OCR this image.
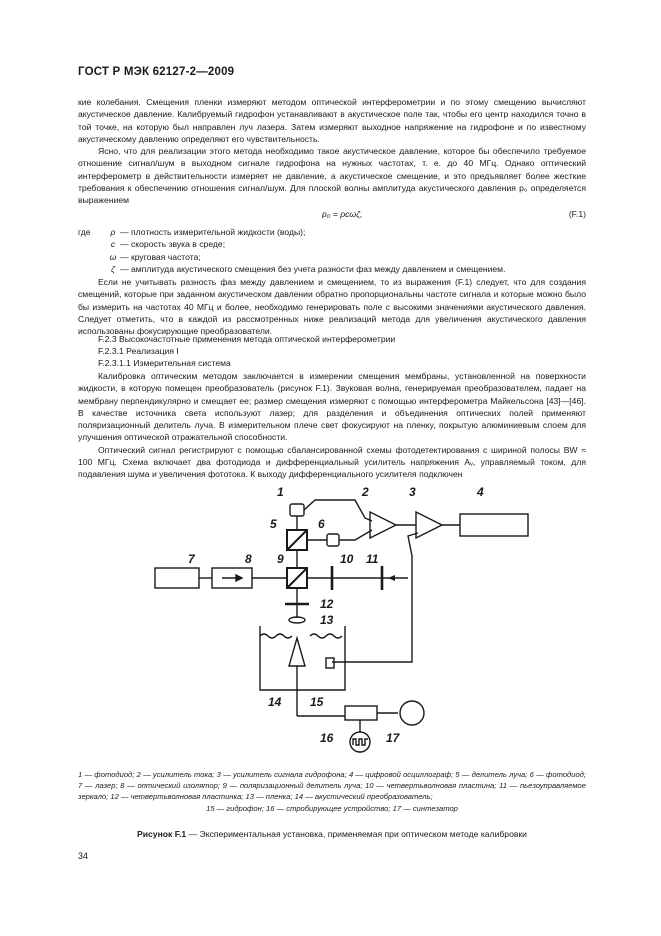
ГОСТ Р МЭК 62127-2—2009

кие колебания. Смещения пленки измеряют методом оптической интерферометрии и по этому смещению вычисляют акустическое давление. Калибруемый гидрофон устанавливают в акустическое поле так, чтобы его центр находился точно в той точке, на которую был направлен луч лазера. Затем измеряют выходное напряжение на гидрофоне и по известному акустическому давлению определяют его чувствительность.

Ясно, что для реализации этого метода необходимо такое акустическое давление, которое бы обеспечило требуемое отношение сигнал/шум в выходном сигнале гидрофона на нужных частотах, т. е. до 40 МГц. Однако оптический интерферометр в действительности измеряет не давление, а акустическое смещение, и это предъявляет более жесткие требования к обеспечению отношения сигнал/шум. Для плоской волны амплитуда акустического давления p₀ определяется выражением

p₀ = ρcωζ,	(F.1)
где ρ — плотность измерительной жидкости (воды);
c — скорость звука в среде;
ω — круговая частота;
ζ — амплитуда акустического смещения без учета разности фаз между давлением и смещением.

Если не учитывать разность фаз между давлением и смещением, то из выражения (F.1) следует, что для создания смещений, которые при заданном акустическом давлении обратно пропорциональны частоте сигнала и которые можно было бы измерить на частотах 40 МГц и более, необходимо генерировать поле с высокими значениями акустического давления. Следует отметить, что в каждой из рассмотренных ниже реализаций метода для увеличения акустического давления использованы фокусирующие преобразователи.

F.2.3 Высокочастотные применения метода оптической интерферометрии
F.2.3.1 Реализация I
F.2.3.1.1 Измерительная система

Калибровка оптическим методом заключается в измерении смещения мембраны, установленной на поверхности жидкости, в которую помещен преобразователь (рисунок F.1). Звуковая волна, генерируемая преобразователем, падает на мембрану перпендикулярно и смещает ее; размер смещения измеряют с помощью интерферометра Майкельсона [43]—[46]. В качестве источника света используют лазер; для разделения и объединения оптических полей применяют поляризационный делитель луча. В измерительном плече свет фокусируют на пленку, покрытую алюминиевым слоем для улучшения оптической отражательной способности.

Оптический сигнал регистрируют с помощью сбалансированной схемы фотодетектирования с шириной полосы BW ≈ 100 МГц. Схема включает два фотодиода и дифференциальный усилитель напряжения Aᵥ, управляемый током, для подавления шума и увеличения фототока. К выходу дифференциального усилителя подключен

1	2	3	4
5	6
7	8 9	10 11
12
13
14 15
16	17
1 — фотодиод; 2 — усилитель тока; 3 — усилитель сигнала гидрофона; 4 — цифровой осциллограф; 5 — делитель луча; 6 — фотодиод; 7 — лазер; 8 — оптический изолятор; 9 — поляризационный делитель луча; 10 — четвертьволновая пластина; 11 — пьезоуправляемое зеркало; 12 — четвертьволновая пластинка; 13 — пленка; 14 — акустический преобразователь;
15 — гидрофон; 16 — стробирующее устройство; 17 — синтезатор
Рисунок F.1 — Экспериментальная установка, применяемая при оптическом методе калибровки
34
